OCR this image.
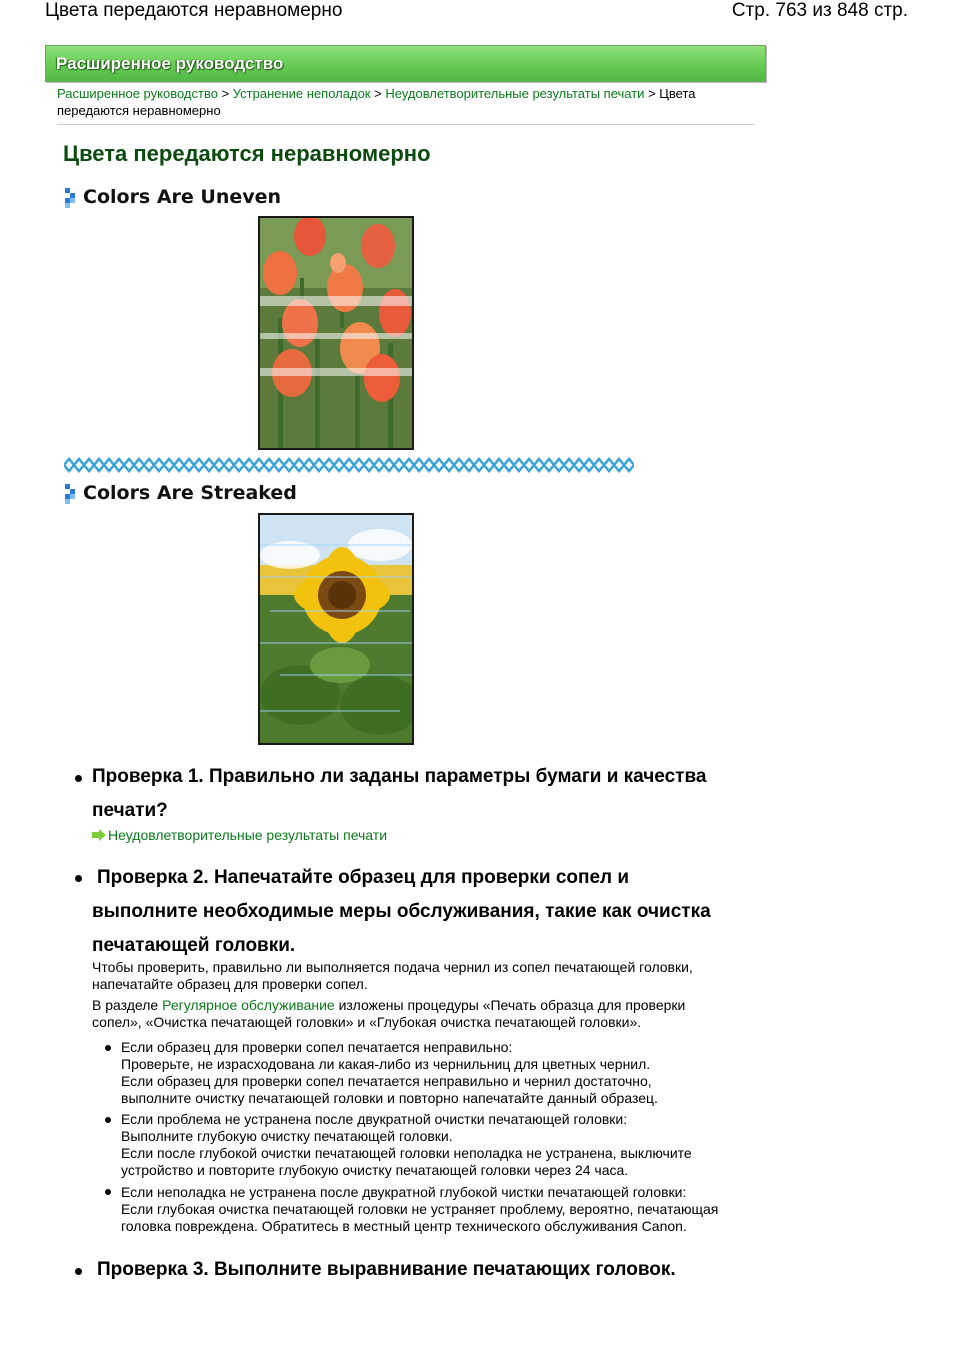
Цвета передаются неравномерно	Стр. 763 из 848 стр.
Расширенное руководство
Расширенное руководство > Устранение неполадок > Неудовлетворительные результаты печати > Цвета
передаются неравномерно
Цвета передаются неравномерно
Colors Are Uneven
Colors Are Streaked
Проверка 1. Правильно ли заданы параметры бумаги и качества
печати?
Неудовлетворительные результаты печати
Проверка 2. Напечатайте образец для проверки сопел и
выполните необходимые меры обслуживания, такие как очистка
печатающей головки.
Чтобы проверить, правильно ли выполняется подача чернил из сопел печатающей головки,
напечатайте образец для проверки сопел.
В разделе Регулярное обслуживание изложены процедуры «Печать образца для проверки
сопел», «Очистка печатающей головки» и «Глубокая очистка печатающей головки».
Если образец для проверки сопел печатается неправильно:
Проверьте, не израсходована ли какая-либо из чернильниц для цветных чернил.
Если образец для проверки сопел печатается неправильно и чернил достаточно,
выполните очистку печатающей головки и повторно напечатайте данный образец.
Если проблема не устранена после двукратной очистки печатающей головки:
Выполните глубокую очистку печатающей головки.
Если после глубокой очистки печатающей головки неполадка не устранена, выключите
устройство и повторите глубокую очистку печатающей головки через 24 часа.
Если неполадка не устранена после двукратной глубокой чистки печатающей головки:
Если глубокая очистка печатающей головки не устраняет проблему, вероятно, печатающая
головка повреждена. Обратитесь в местный центр технического обслуживания Canon.
Проверка 3. Выполните выравнивание печатающих головок.
